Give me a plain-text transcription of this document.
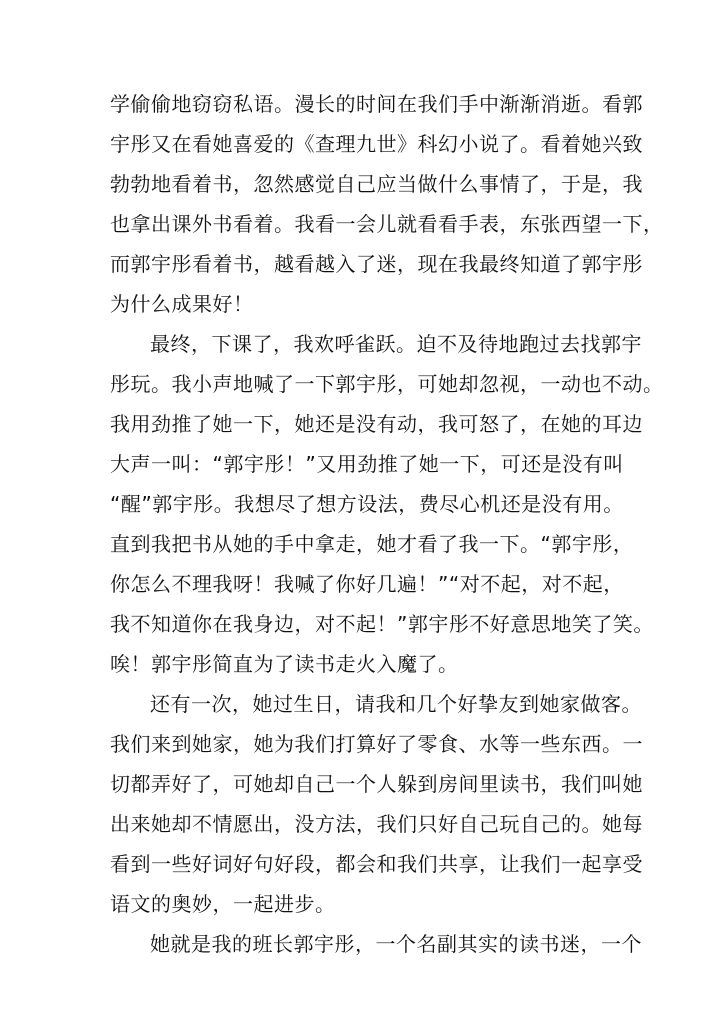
学偷偷地窃窃私语。漫长的时间在我们手中渐渐消逝。看郭
宇彤又在看她喜爱的《查理九世》科幻小说了。看着她兴致
勃勃地看着书，忽然感觉自己应当做什么事情了，于是，我
也拿出课外书看着。我看一会儿就看看手表，东张西望一下，
而郭宇彤看着书，越看越入了迷，现在我最终知道了郭宇彤
为什么成果好！
最终，下课了，我欢呼雀跃。迫不及待地跑过去找郭宇
彤玩。我小声地喊了一下郭宇彤，可她却忽视，一动也不动。
我用劲推了她一下，她还是没有动，我可怒了，在她的耳边
大声一叫：“郭宇彤！”又用劲推了她一下，可还是没有叫
“醒”郭宇彤。我想尽了想方设法，费尽心机还是没有用。
直到我把书从她的手中拿走，她才看了我一下。“郭宇彤，
你怎么不理我呀！我喊了你好几遍！”“对不起，对不起，
我不知道你在我身边，对不起！”郭宇彤不好意思地笑了笑。
唉！郭宇彤简直为了读书走火入魔了。
还有一次，她过生日，请我和几个好挚友到她家做客。
我们来到她家，她为我们打算好了零食、水等一些东西。一
切都弄好了，可她却自己一个人躲到房间里读书，我们叫她
出来她却不情愿出，没方法，我们只好自己玩自己的。她每
看到一些好词好句好段，都会和我们共享，让我们一起享受
语文的奥妙，一起进步。
她就是我的班长郭宇彤，一个名副其实的读书迷，一个
